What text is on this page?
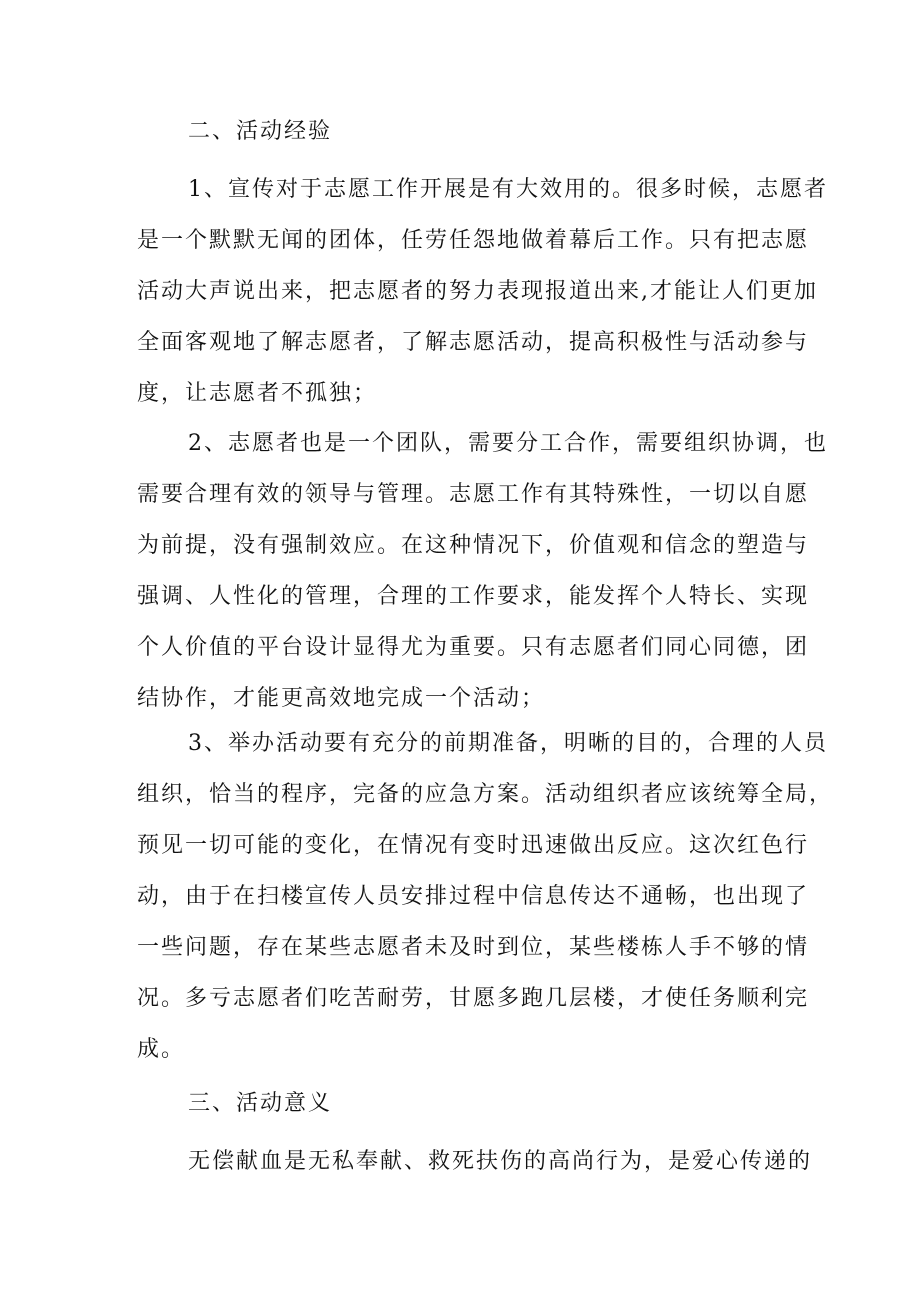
二、活动经验
1、宣传对于志愿工作开展是有大效用的。很多时候，志愿者
是一个默默无闻的团体，任劳任怨地做着幕后工作。只有把志愿
活动大声说出来，把志愿者的努力表现报道出来,才能让人们更加
全面客观地了解志愿者，了解志愿活动，提高积极性与活动参与
度，让志愿者不孤独；
2、志愿者也是一个团队，需要分工合作，需要组织协调，也
需要合理有效的领导与管理。志愿工作有其特殊性，一切以自愿
为前提，没有强制效应。在这种情况下，价值观和信念的塑造与
强调、人性化的管理，合理的工作要求，能发挥个人特长、实现
个人价值的平台设计显得尤为重要。只有志愿者们同心同德，团
结协作，才能更高效地完成一个活动；
3、举办活动要有充分的前期准备，明晰的目的，合理的人员
组织，恰当的程序，完备的应急方案。活动组织者应该统筹全局，
预见一切可能的变化，在情况有变时迅速做出反应。这次红色行
动，由于在扫楼宣传人员安排过程中信息传达不通畅，也出现了
一些问题，存在某些志愿者未及时到位，某些楼栋人手不够的情
况。多亏志愿者们吃苦耐劳，甘愿多跑几层楼，才使任务顺利完
成。
三、活动意义
无偿献血是无私奉献、救死扶伤的高尚行为，是爱心传递的
